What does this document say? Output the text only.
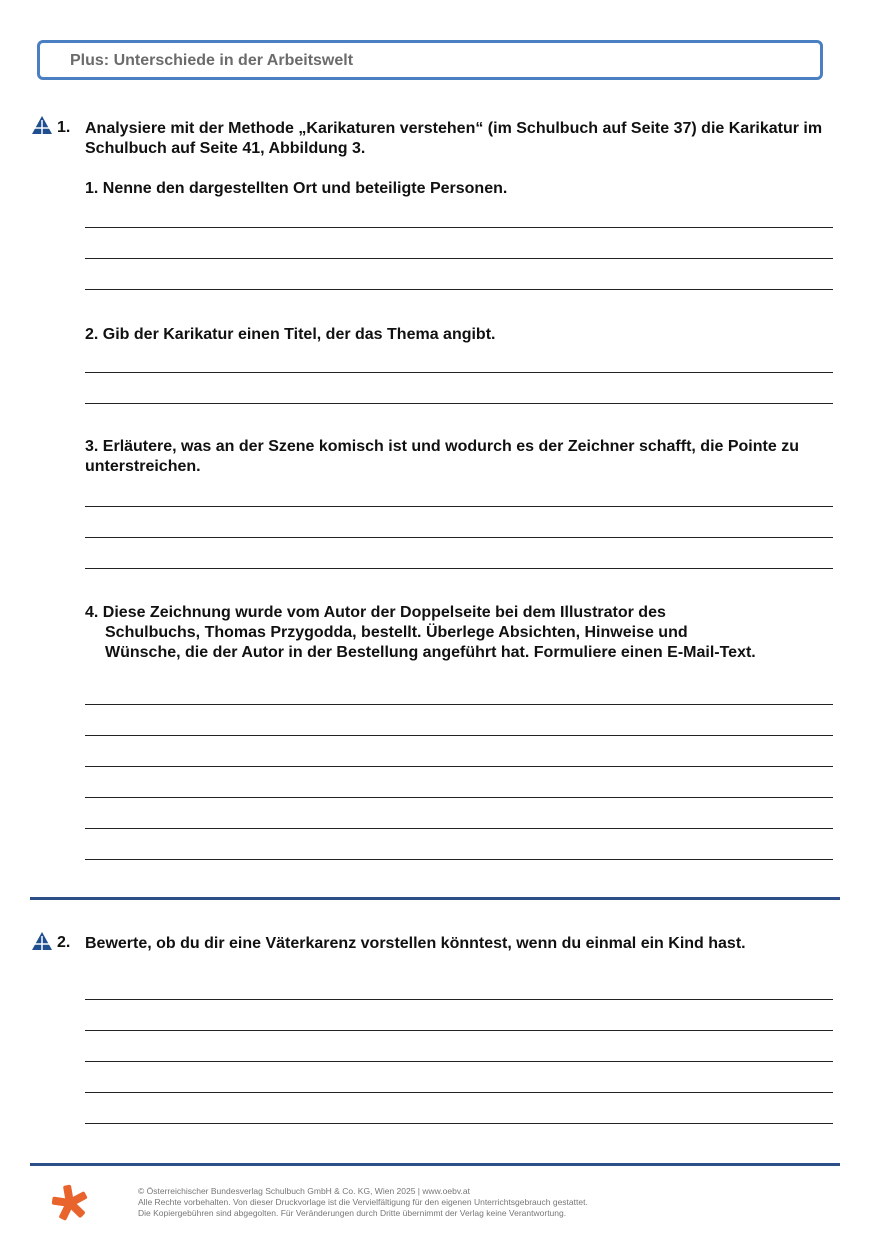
Plus: Unterschiede in der Arbeitswelt
1. Analysiere mit der Methode „Karikaturen verstehen“ (im Schulbuch auf Seite 37) die Karikatur im Schulbuch auf Seite 41, Abbildung 3.
1. Nenne den dargestellten Ort und beteiligte Personen.
2. Gib der Karikatur einen Titel, der das Thema angibt.
3. Erläutere, was an der Szene komisch ist und wodurch es der Zeichner schafft, die Pointe zu unterstreichen.
4. Diese Zeichnung wurde vom Autor der Doppelseite bei dem Illustrator des
Schulbuchs, Thomas Przygodda, bestellt. Überlege Absichten, Hinweise und
Wünsche, die der Autor in der Bestellung angeführt hat. Formuliere einen E-Mail-Text.
2. Bewerte, ob du dir eine Väterkarenz vorstellen könntest, wenn du einmal ein Kind hast.
© Österreichischer Bundesverlag Schulbuch GmbH & Co. KG, Wien 2025 | www.oebv.at
Alle Rechte vorbehalten. Von dieser Druckvorlage ist die Vervielfältigung für den eigenen Unterrichtsgebrauch gestattet.
Die Kopiergebühren sind abgegolten. Für Veränderungen durch Dritte übernimmt der Verlag keine Verantwortung.
